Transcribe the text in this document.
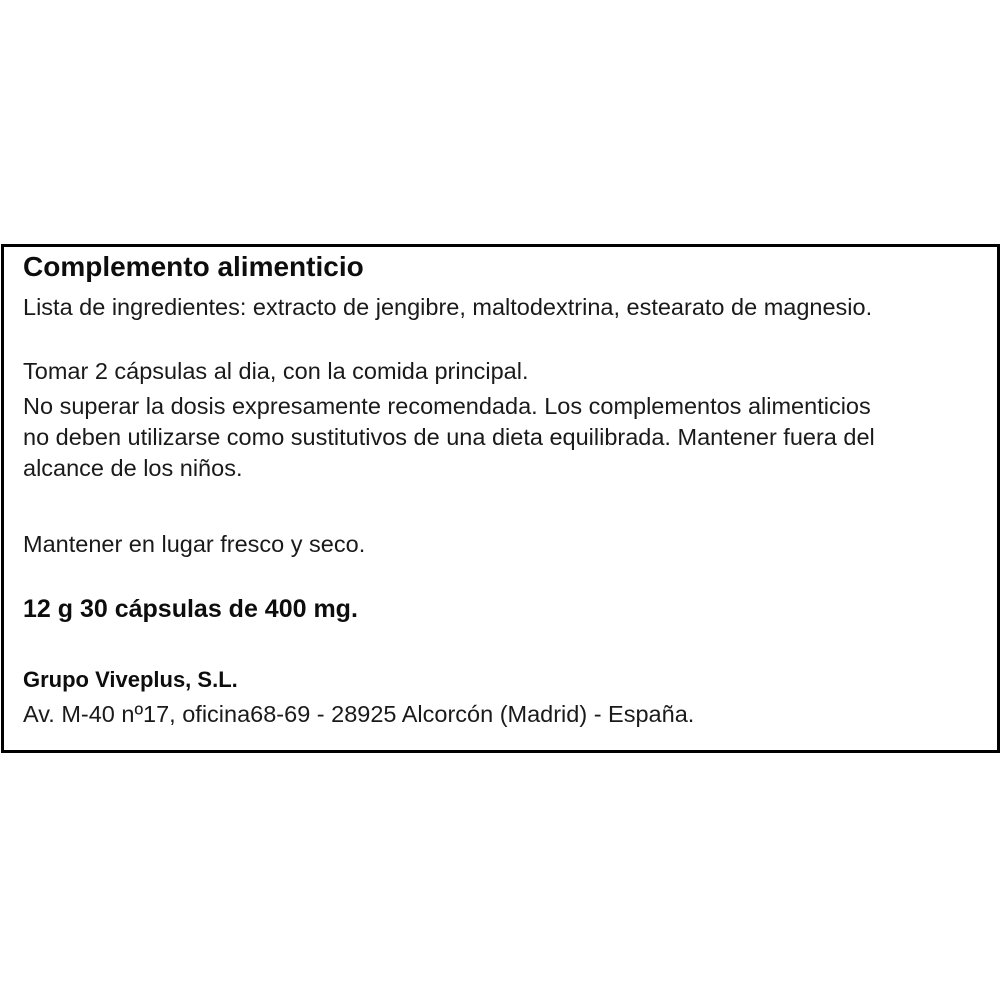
Complemento alimenticio
Lista de ingredientes: extracto de jengibre, maltodextrina, estearato de magnesio.
Tomar 2 cápsulas al dia, con la comida principal.
No superar la dosis expresamente recomendada. Los complementos alimenticios
no deben utilizarse como sustitutivos de una dieta equilibrada. Mantener fuera del
alcance de los niños.
Mantener en lugar fresco y seco.
12 g 30 cápsulas de 400 mg.
Grupo Viveplus, S.L.
Av. M-40 nº17, oficina68-69 - 28925 Alcorcón (Madrid) - España.
